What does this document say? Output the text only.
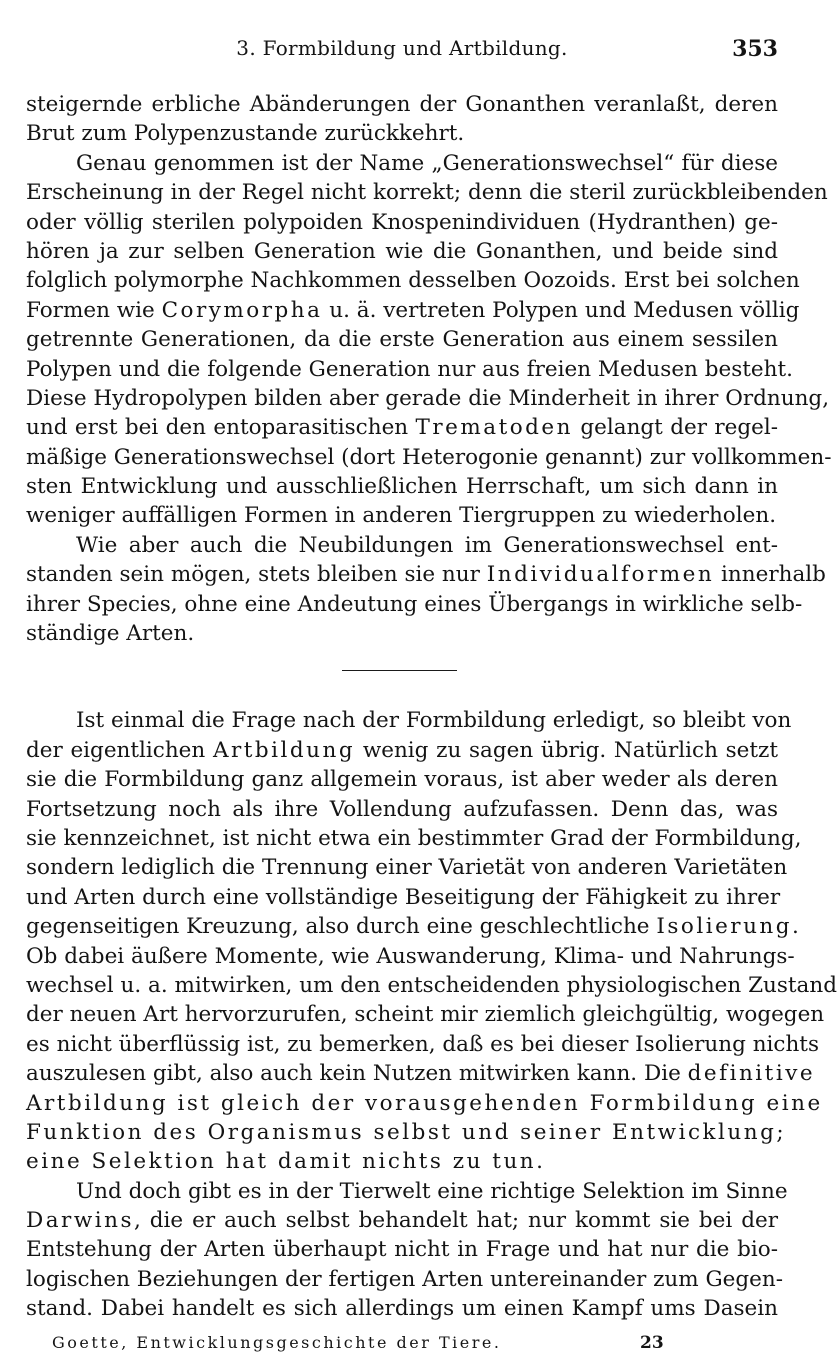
3. Formbildung und Artbildung.	353
steigernde erbliche Abänderungen der Gonanthen veranlaßt, deren
Brut zum Polypenzustande zurückkehrt.
Genau genommen ist der Name „Generationswechsel“ für diese
Erscheinung in der Regel nicht korrekt; denn die steril zurückbleibenden
oder völlig sterilen polypoiden Knospenindividuen (Hydranthen) ge-
hören ja zur selben Generation wie die Gonanthen, und beide sind
folglich polymorphe Nachkommen desselben Oozoids. Erst bei solchen
Formen wie Corymorpha u. ä. vertreten Polypen und Medusen völlig
getrennte Generationen, da die erste Generation aus einem sessilen
Polypen und die folgende Generation nur aus freien Medusen besteht.
Diese Hydropolypen bilden aber gerade die Minderheit in ihrer Ordnung,
und erst bei den entoparasitischen Trematoden gelangt der regel-
mäßige Generationswechsel (dort Heterogonie genannt) zur vollkommen-
sten Entwicklung und ausschließlichen Herrschaft, um sich dann in
weniger auffälligen Formen in anderen Tiergruppen zu wiederholen.
Wie aber auch die Neubildungen im Generationswechsel ent-
standen sein mögen, stets bleiben sie nur Individualformen innerhalb
ihrer Species, ohne eine Andeutung eines Übergangs in wirkliche selb-
ständige Arten.
Ist einmal die Frage nach der Formbildung erledigt, so bleibt von
der eigentlichen Artbildung wenig zu sagen übrig. Natürlich setzt
sie die Formbildung ganz allgemein voraus, ist aber weder als deren
Fortsetzung noch als ihre Vollendung aufzufassen. Denn das, was
sie kennzeichnet, ist nicht etwa ein bestimmter Grad der Formbildung,
sondern lediglich die Trennung einer Varietät von anderen Varietäten
und Arten durch eine vollständige Beseitigung der Fähigkeit zu ihrer
gegenseitigen Kreuzung, also durch eine geschlechtliche Isolierung.
Ob dabei äußere Momente, wie Auswanderung, Klima- und Nahrungs-
wechsel u. a. mitwirken, um den entscheidenden physiologischen Zustand
der neuen Art hervorzurufen, scheint mir ziemlich gleichgültig, wogegen
es nicht überflüssig ist, zu bemerken, daß es bei dieser Isolierung nichts
auszulesen gibt, also auch kein Nutzen mitwirken kann. Die definitive
Artbildung ist gleich der vorausgehenden Formbildung eine
Funktion des Organismus selbst und seiner Entwicklung;
eine Selektion hat damit nichts zu tun.
Und doch gibt es in der Tierwelt eine richtige Selektion im Sinne
Darwins, die er auch selbst behandelt hat; nur kommt sie bei der
Entstehung der Arten überhaupt nicht in Frage und hat nur die bio-
logischen Beziehungen der fertigen Arten untereinander zum Gegen-
stand. Dabei handelt es sich allerdings um einen Kampf ums Dasein
Goette, Entwicklungsgeschichte der Tiere.	23
